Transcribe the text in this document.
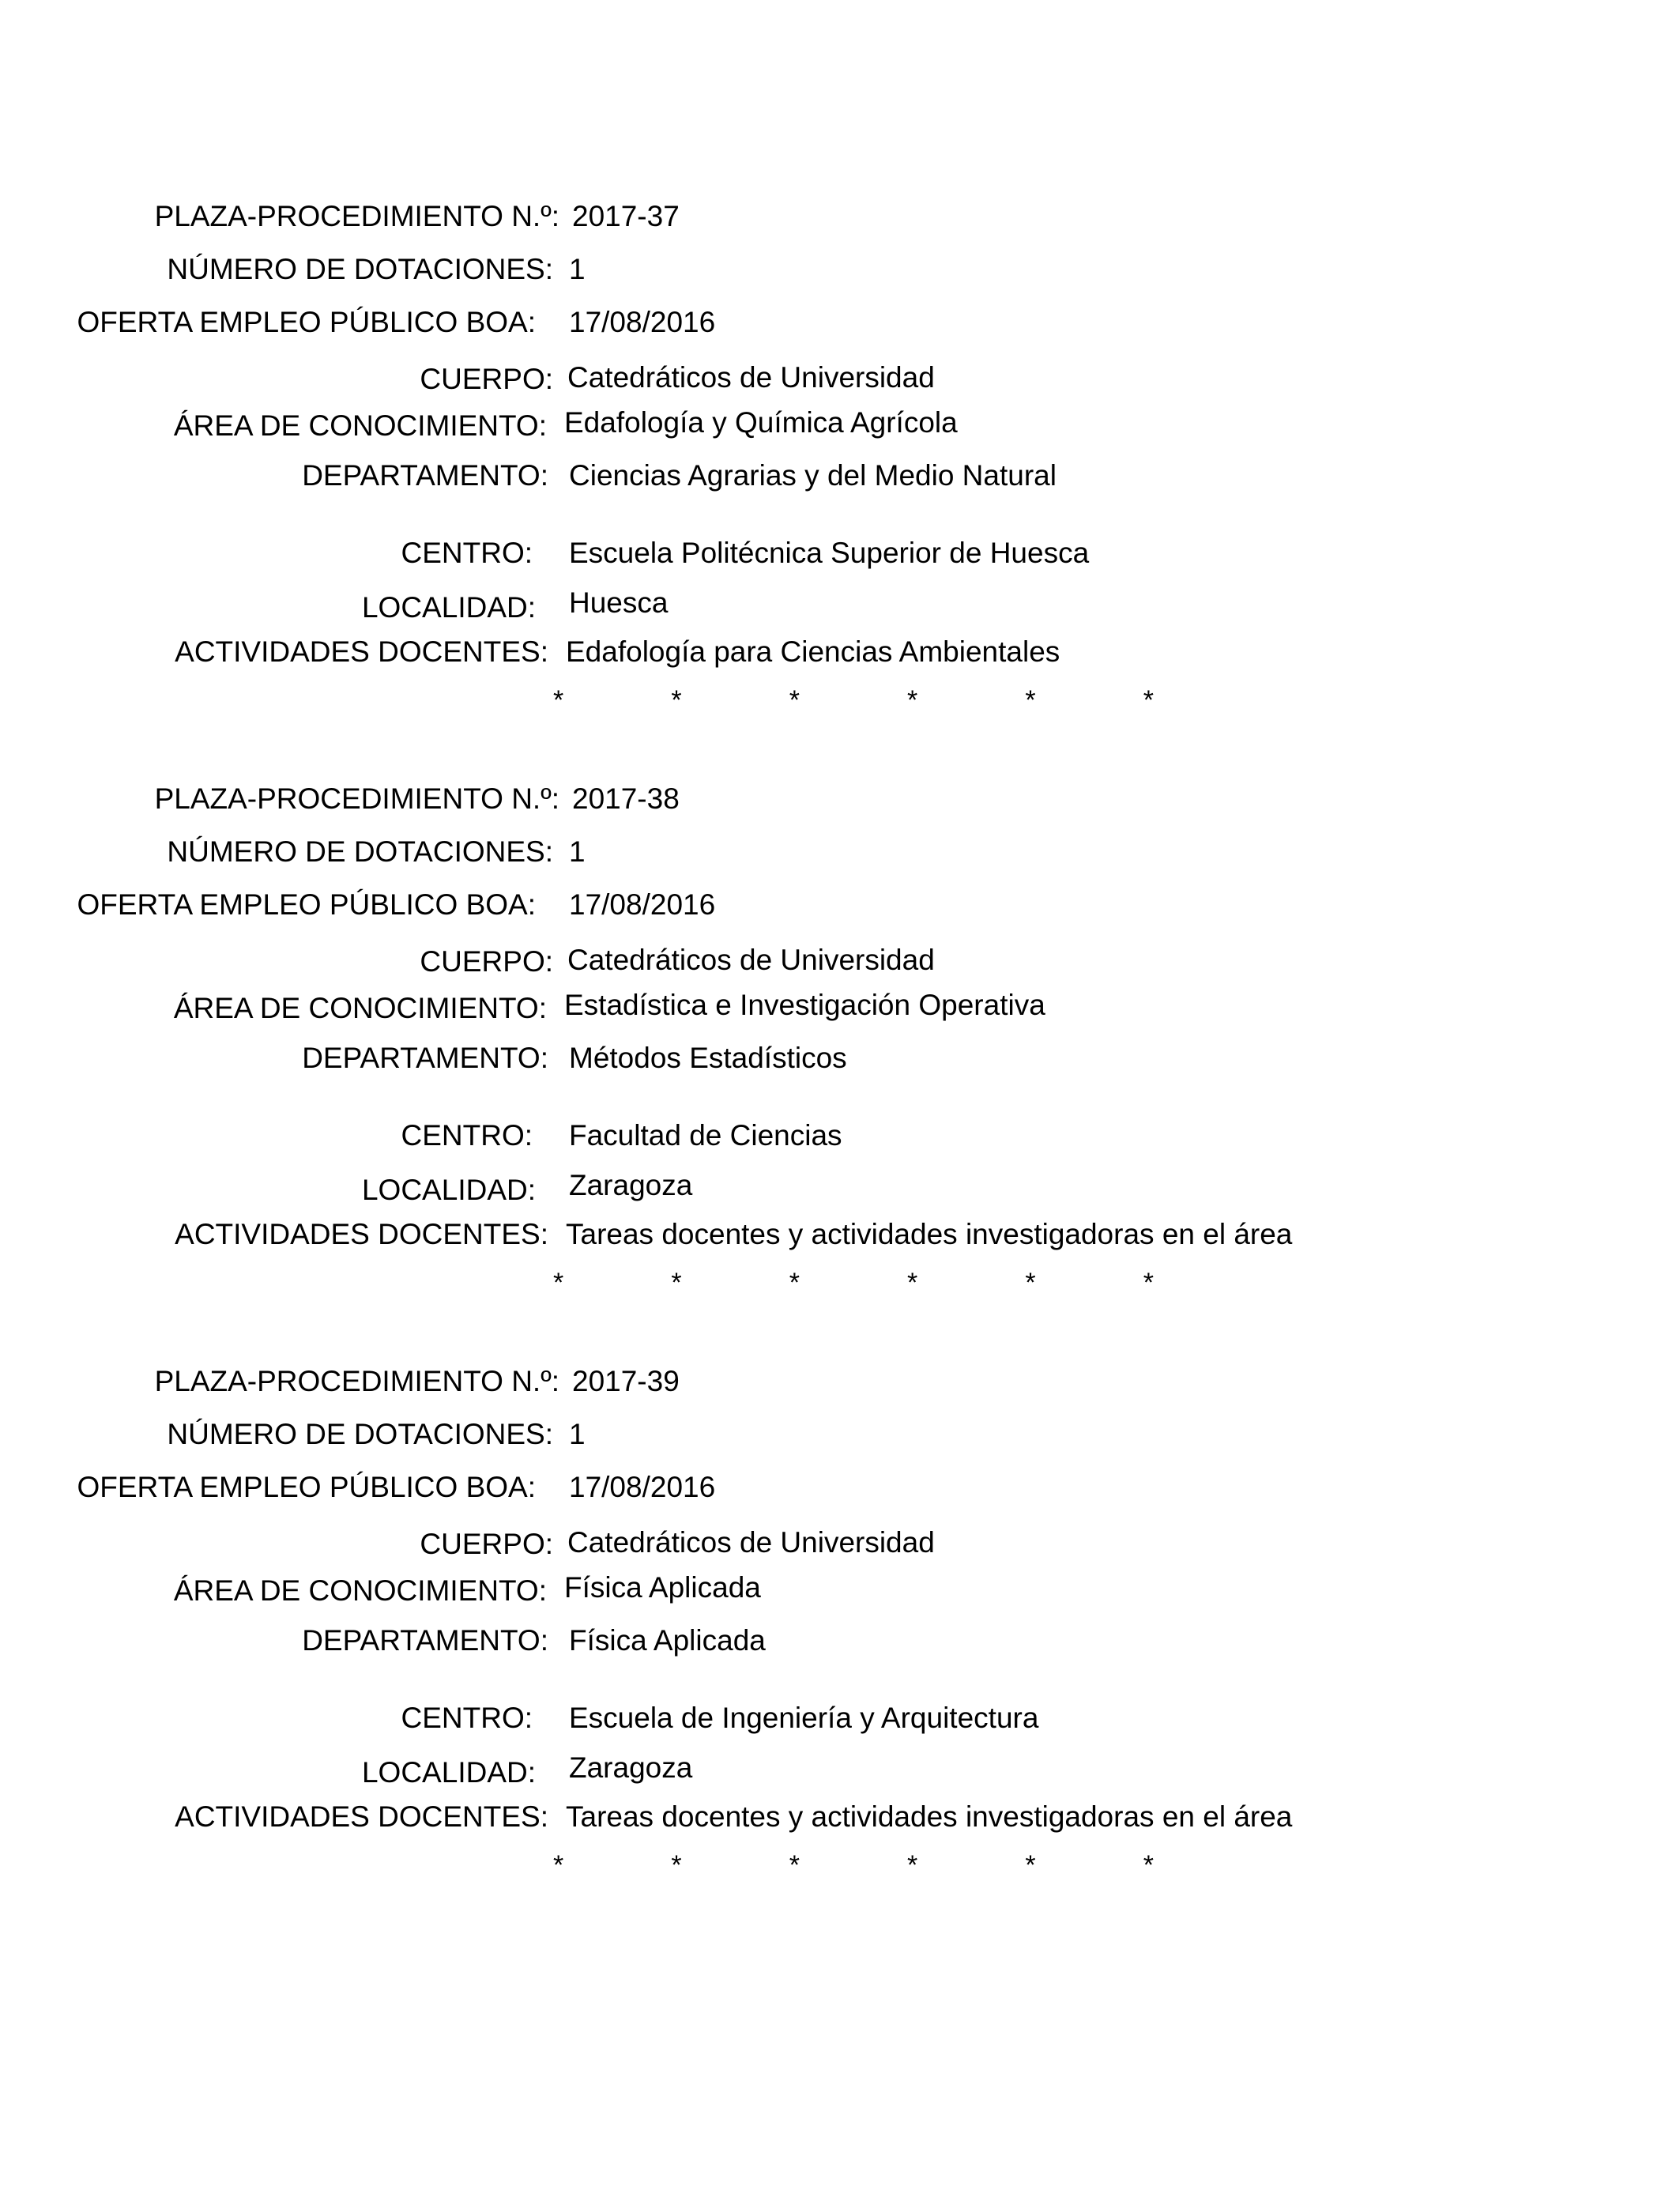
PLAZA-PROCEDIMIENTO N.º: 2017-37
NÚMERO DE DOTACIONES: 1
OFERTA EMPLEO PÚBLICO BOA: 17/08/2016
CUERPO: Catedráticos de Universidad
ÁREA DE CONOCIMIENTO: Edafología y Química Agrícola
DEPARTAMENTO: Ciencias Agrarias y del Medio Natural
CENTRO: Escuela Politécnica Superior de Huesca
LOCALIDAD: Huesca
ACTIVIDADES DOCENTES: Edafología para Ciencias Ambientales
*	*	*	*	*	*
PLAZA-PROCEDIMIENTO N.º: 2017-38
NÚMERO DE DOTACIONES: 1
OFERTA EMPLEO PÚBLICO BOA: 17/08/2016
CUERPO: Catedráticos de Universidad
ÁREA DE CONOCIMIENTO: Estadística e Investigación Operativa
DEPARTAMENTO: Métodos Estadísticos
CENTRO: Facultad de Ciencias
LOCALIDAD: Zaragoza
ACTIVIDADES DOCENTES: Tareas docentes y actividades investigadoras en el área
*	*	*	*	*	*
PLAZA-PROCEDIMIENTO N.º: 2017-39
NÚMERO DE DOTACIONES: 1
OFERTA EMPLEO PÚBLICO BOA: 17/08/2016
CUERPO: Catedráticos de Universidad
ÁREA DE CONOCIMIENTO: Física Aplicada
DEPARTAMENTO: Física Aplicada
CENTRO: Escuela de Ingeniería y Arquitectura
LOCALIDAD: Zaragoza
ACTIVIDADES DOCENTES: Tareas docentes y actividades investigadoras en el área
*	*	*	*	*	*
